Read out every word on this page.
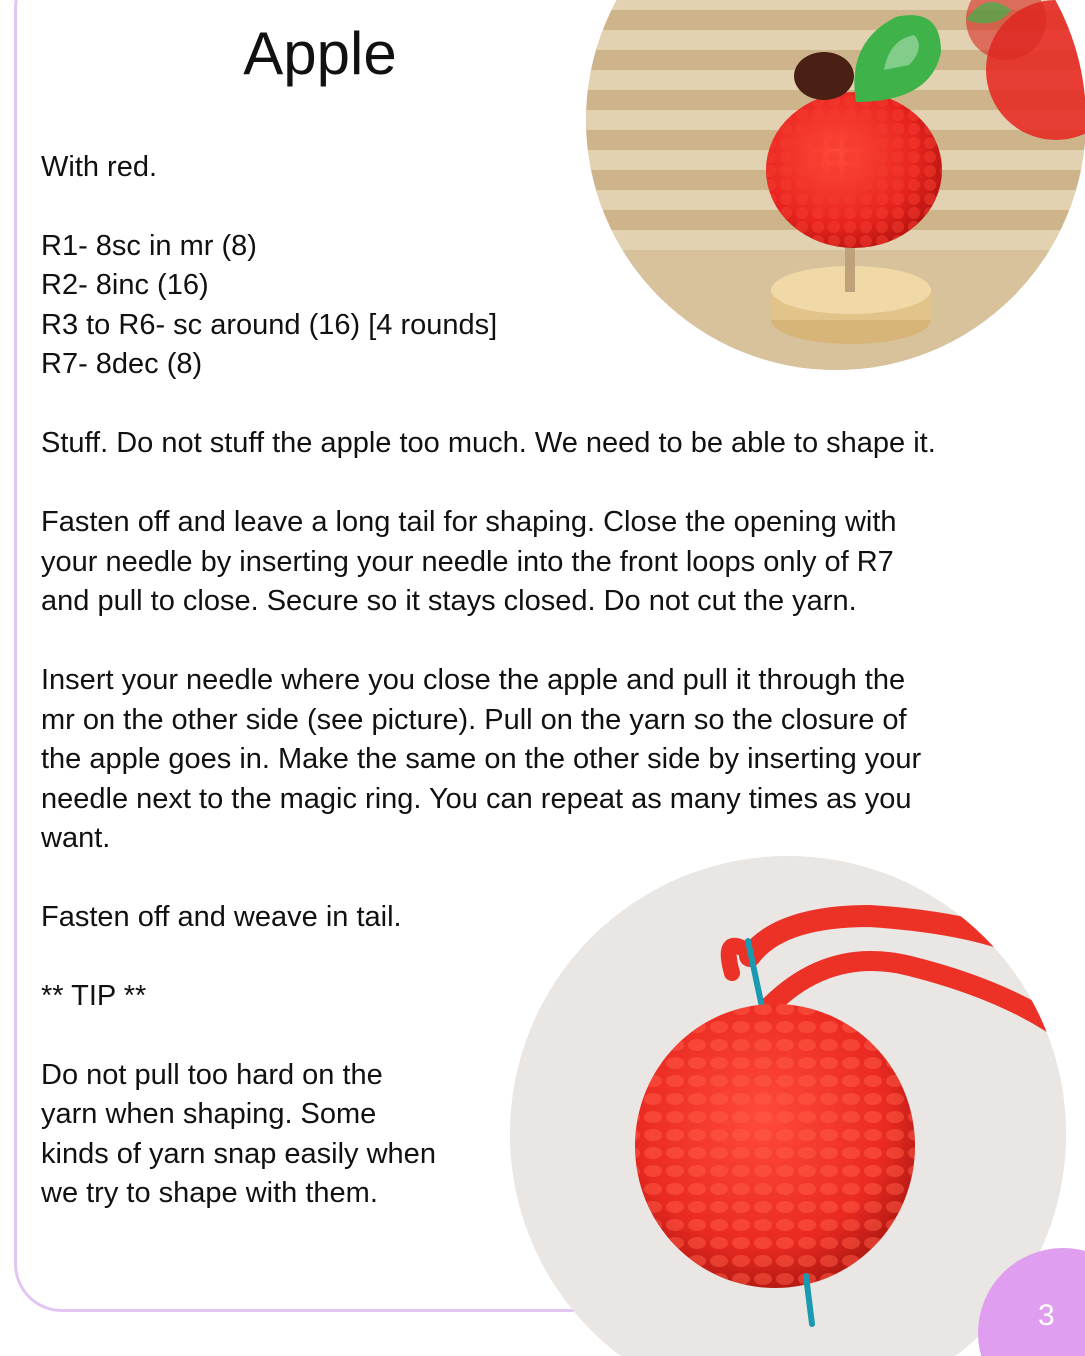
Apple
With red.
R1- 8sc in mr (8)
R2- 8inc (16)
R3 to R6- sc around (16) [4 rounds]
R7- 8dec (8)
Stuff. Do not stuff the apple too much. We need to be able to shape it.
Fasten off and leave a long tail for shaping. Close the opening with
your needle by inserting your needle into the front loops only of R7
and pull to close. Secure so it stays closed. Do not cut the yarn.
Insert your needle where you close the apple and pull it through the
mr on the other side (see picture). Pull on the yarn so the closure of
the apple goes in. Make the same on the other side by inserting your
needle next to the magic ring. You can repeat as many times as you
want.
Fasten off and weave in tail.
** TIP **
Do not pull too hard on the
yarn when shaping. Some
kinds of yarn snap easily when
we try to shape with them.
3
